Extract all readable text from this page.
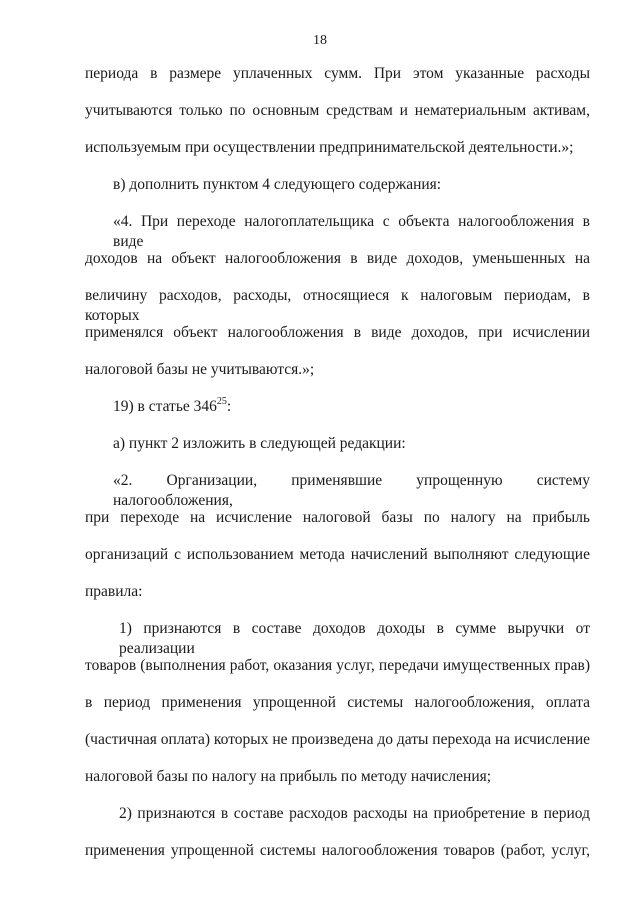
18
периода в размере уплаченных сумм. При этом указанные расходы
учитываются только по основным средствам и нематериальным активам,
используемым при осуществлении предпринимательской деятельности.»;
в) дополнить пунктом 4 следующего содержания:
«4. При переходе налогоплательщика с объекта налогообложения в виде
доходов на объект налогообложения в виде доходов, уменьшенных на
величину расходов, расходы, относящиеся к налоговым периодам, в которых
применялся объект налогообложения в виде доходов, при исчислении
налоговой базы не учитываются.»;
19) в статье $346^{25}$:
а) пункт 2 изложить в следующей редакции:
«2. Организации, применявшие упрощенную систему налогообложения,
при переходе на исчисление налоговой базы по налогу на прибыль
организаций с использованием метода начислений выполняют следующие
правила:
1) признаются в составе доходов доходы в сумме выручки от реализации
товаров (выполнения работ, оказания услуг, передачи имущественных прав)
в период применения упрощенной системы налогообложения, оплата
(частичная оплата) которых не произведена до даты перехода на исчисление
налоговой базы по налогу на прибыль по методу начисления;
2) признаются в составе расходов расходы на приобретение в период
применения упрощенной системы налогообложения товаров (работ, услуг,
